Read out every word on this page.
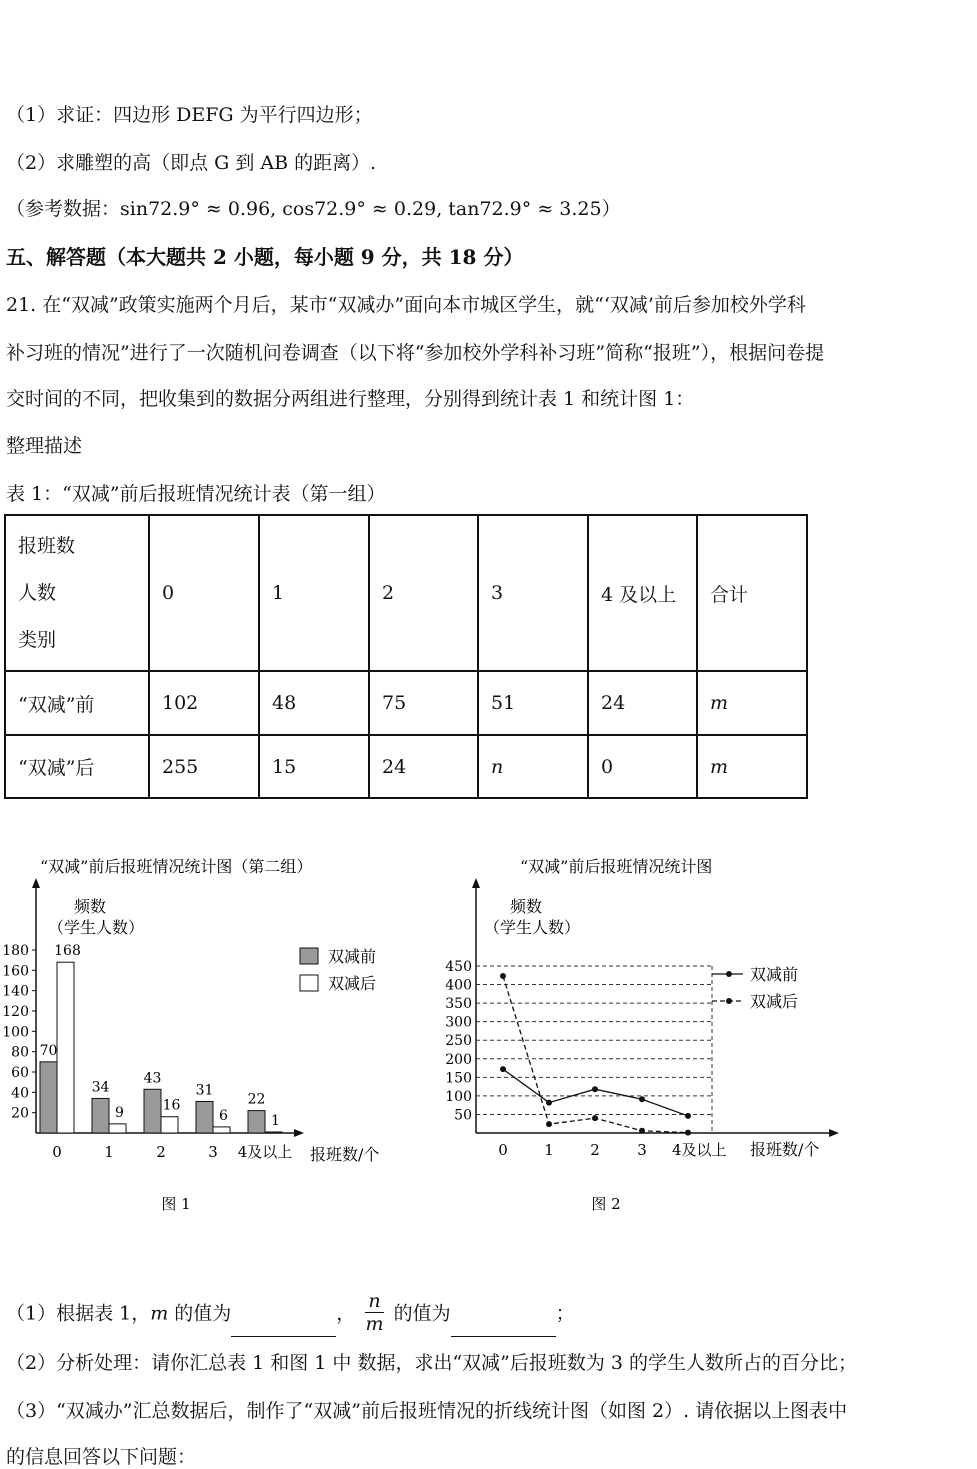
（1）求证：四边形 DEFG 为平行四边形；
（2）求雕塑的高（即点 G 到 AB 的距离）.
（参考数据：sin72.9° ≈ 0.96, cos72.9° ≈ 0.29, tan72.9° ≈ 3.25）
五、解答题（本大题共 2 小题，每小题 9 分，共 18 分）
21. 在“双减”政策实施两个月后，某市“双减办”面向本市城区学生，就“‘双减’前后参加校外学科
补习班的情况”进行了一次随机问卷调查（以下将“参加校外学科补习班”简称“报班”），根据问卷提
交时间的不同，把收集到的数据分两组进行整理，分别得到统计表 1 和统计图 1：
整理描述
表 1：“双减”前后报班情况统计表（第一组）
报班数
人数
类别	0	1	2	3	4 及以上	合计
“双减”前	102	48	75	51	24	m
“双减”后	255	15	24	n	0	m
“双减”前后报班情况统计图（第二组）
频数
（学生人数）
20
40
60
80
100
120
140
160
180
70
168
0
34
9
1
43
16
2
31
6
3
22
1
4及以上 报班数/个
双减前
双减后
图 1
“双减”前后报班情况统计图
频数
（学生人数）
50
100
150
200
250
300
350
400
450	双减前
双减后
0 1 2 3 4及以上 报班数/个
图 2
（1）根据表 1，m 的值为	， $\frac{n}{m}$ 的值为	；
（2）分析处理：请你汇总表 1 和图 1 中 数据，求出“双减”后报班数为 3 的学生人数所占的百分比；
（3）“双减办”汇总数据后，制作了“双减”前后报班情况的折线统计图（如图 2）. 请依据以上图表中
的信息回答以下问题：
